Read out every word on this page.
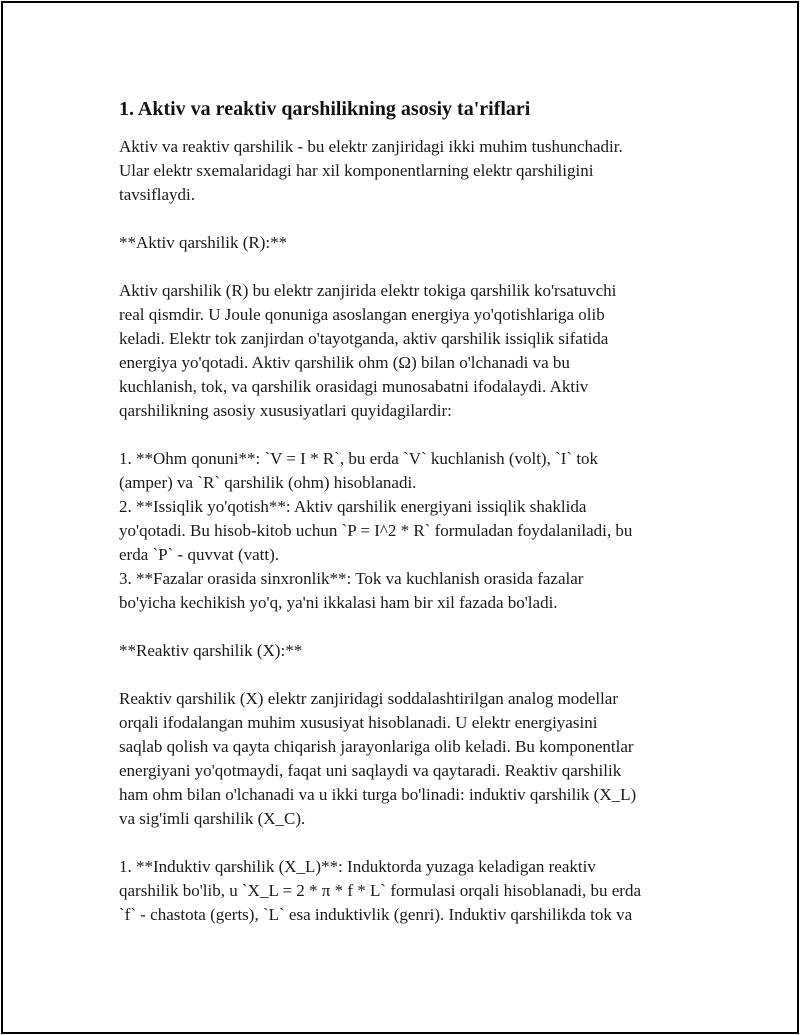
1. Aktiv va reaktiv qarshilikning asosiy ta'riflari

Aktiv va reaktiv qarshilik - bu elektr zanjiridagi ikki muhim tushunchadir.
Ular elektr sxemalaridagi har xil komponentlarning elektr qarshiligini
tavsiflaydi.

**Aktiv qarshilik (R):**

Aktiv qarshilik (R) bu elektr zanjirida elektr tokiga qarshilik ko'rsatuvchi
real qismdir. U Joule qonuniga asoslangan energiya yo'qotishlariga olib
keladi. Elektr tok zanjirdan o'tayotganda, aktiv qarshilik issiqlik sifatida
energiya yo'qotadi. Aktiv qarshilik ohm (Ω) bilan o'lchanadi va bu
kuchlanish, tok, va qarshilik orasidagi munosabatni ifodalaydi. Aktiv
qarshilikning asosiy xususiyatlari quyidagilardir:

1. **Ohm qonuni**: `V = I * R`, bu erda `V` kuchlanish (volt), `I` tok
(amper) va `R` qarshilik (ohm) hisoblanadi.
2. **Issiqlik yo'qotish**: Aktiv qarshilik energiyani issiqlik shaklida
yo'qotadi. Bu hisob-kitob uchun `P = I^2 * R` formuladan foydalaniladi, bu
erda `P` - quvvat (vatt).
3. **Fazalar orasida sinxronlik**: Tok va kuchlanish orasida fazalar
bo'yicha kechikish yo'q, ya'ni ikkalasi ham bir xil fazada bo'ladi.

**Reaktiv qarshilik (X):**

Reaktiv qarshilik (X) elektr zanjiridagi soddalashtirilgan analog modellar
orqali ifodalangan muhim xususiyat hisoblanadi. U elektr energiyasini
saqlab qolish va qayta chiqarish jarayonlariga olib keladi. Bu komponentlar
energiyani yo'qotmaydi, faqat uni saqlaydi va qaytaradi. Reaktiv qarshilik
ham ohm bilan o'lchanadi va u ikki turga bo'linadi: induktiv qarshilik (X_L)
va sig'imli qarshilik (X_C).

1. **Induktiv qarshilik (X_L)**: Induktorda yuzaga keladigan reaktiv
qarshilik bo'lib, u `X_L = 2 * π * f * L` formulasi orqali hisoblanadi, bu erda
`f` - chastota (gerts), `L` esa induktivlik (genri). Induktiv qarshilikda tok va
